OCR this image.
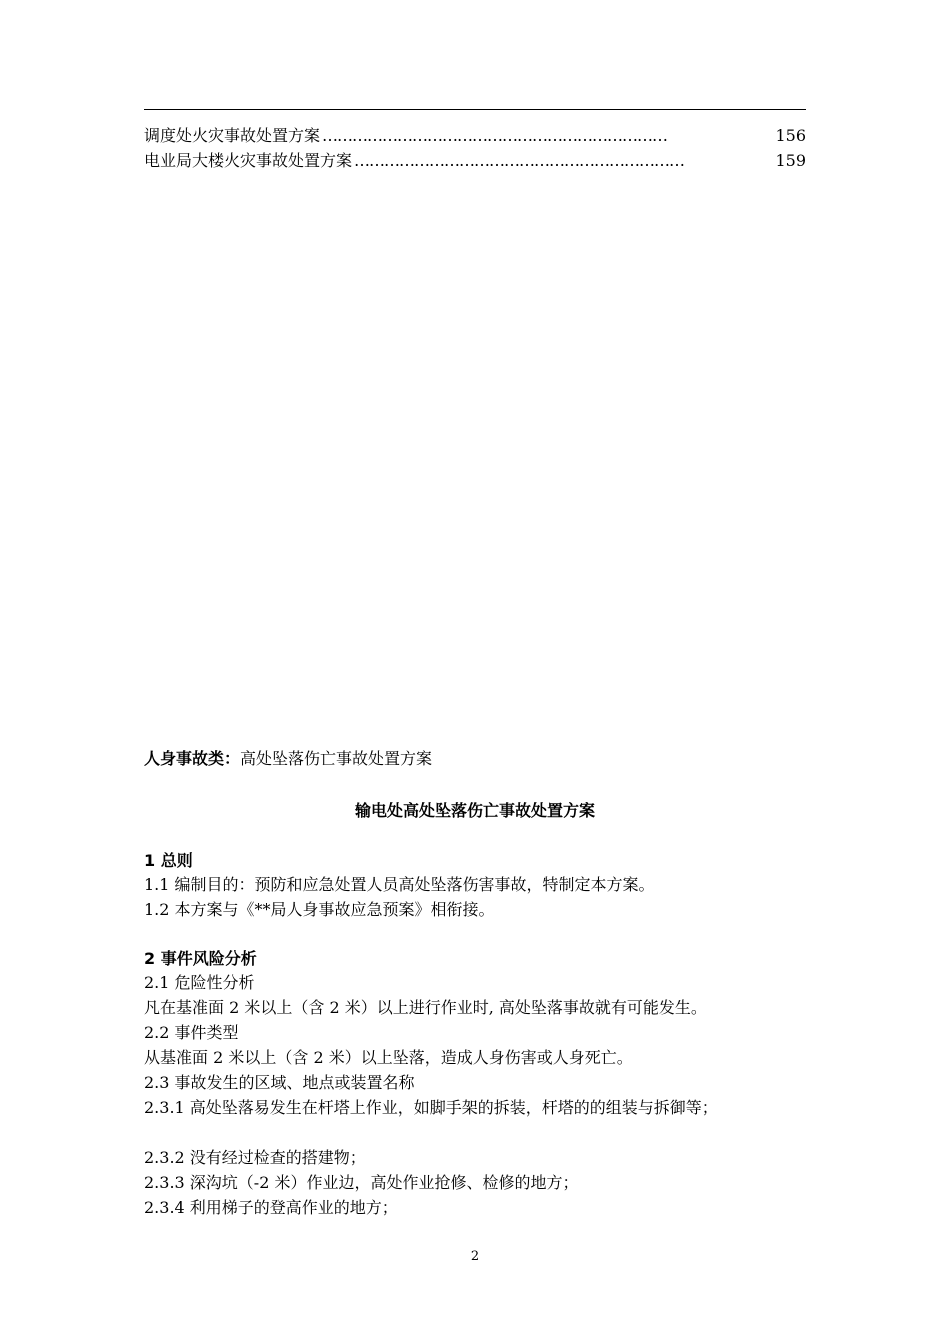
调度处火灾事故处置方案 ……………………………………………………………	156
电业局大楼火灾事故处置方案 …………………………………………………………	159
人身事故类：高处坠落伤亡事故处置方案
输电处高处坠落伤亡事故处置方案
1 总则
1.1 编制目的：预防和应急处置人员高处坠落伤害事故，特制定本方案。
1.2 本方案与《**局人身事故应急预案》相衔接。
2 事件风险分析
2.1 危险性分析
凡在基准面 2 米以上（含 2 米）以上进行作业时, 高处坠落事故就有可能发生。
2.2 事件类型
从基准面 2 米以上（含 2 米）以上坠落，造成人身伤害或人身死亡。
2.3 事故发生的区域、地点或装置名称
2.3.1 高处坠落易发生在杆塔上作业，如脚手架的拆装，杆塔的的组装与拆御等；
2.3.2 没有经过检查的搭建物；
2.3.3 深沟坑（-2 米）作业边，高处作业抢修、检修的地方；
2.3.4 利用梯子的登高作业的地方；
2
